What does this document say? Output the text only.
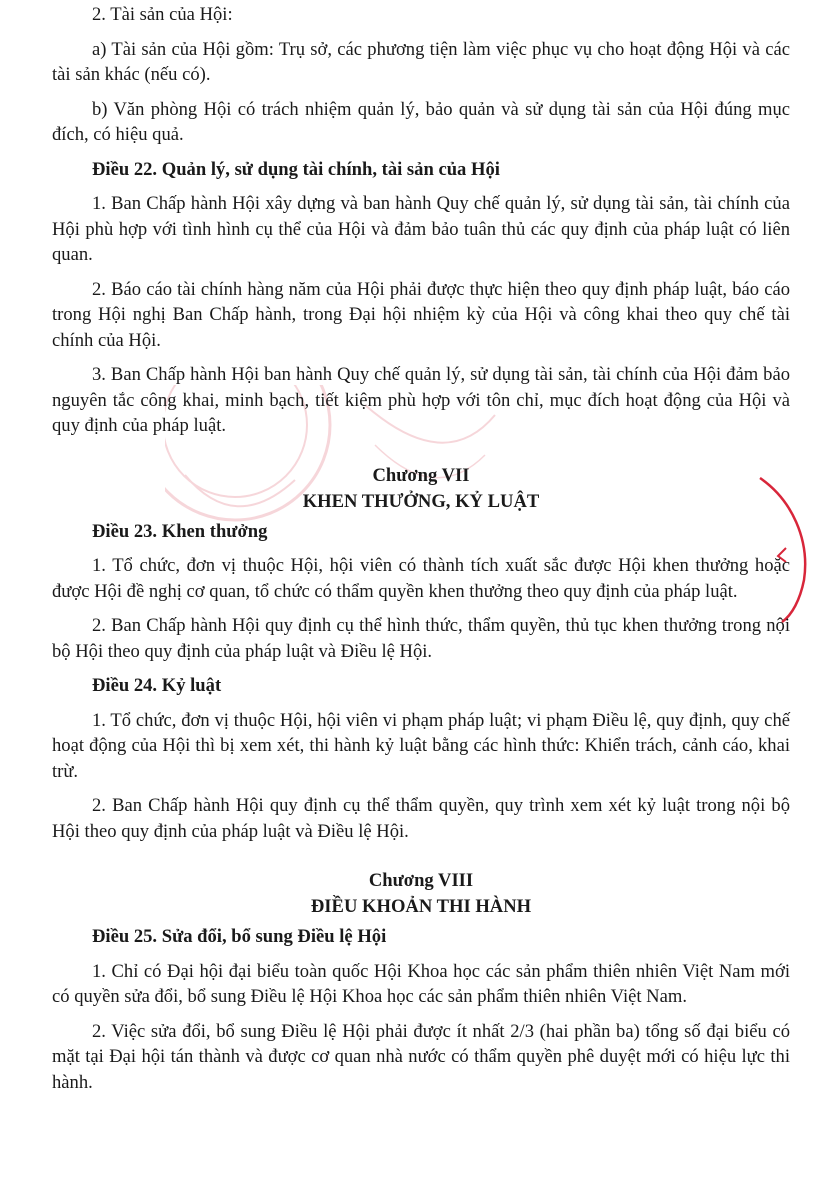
2. Tài sản của Hội:

a) Tài sản của Hội gồm: Trụ sở, các phương tiện làm việc phục vụ cho hoạt động Hội và các tài sản khác (nếu có).

b) Văn phòng Hội có trách nhiệm quản lý, bảo quản và sử dụng tài sản của Hội đúng mục đích, có hiệu quả.

Điều 22. Quản lý, sử dụng tài chính, tài sản của Hội

1. Ban Chấp hành Hội xây dựng và ban hành Quy chế quản lý, sử dụng tài sản, tài chính của Hội phù hợp với tình hình cụ thể của Hội và đảm bảo tuân thủ các quy định của pháp luật có liên quan.

2. Báo cáo tài chính hàng năm của Hội phải được thực hiện theo quy định pháp luật, báo cáo trong Hội nghị Ban Chấp hành, trong Đại hội nhiệm kỳ của Hội và công khai theo quy chế tài chính của Hội.

3. Ban Chấp hành Hội ban hành Quy chế quản lý, sử dụng tài sản, tài chính của Hội đảm bảo nguyên tắc công khai, minh bạch, tiết kiệm phù hợp với tôn chỉ, mục đích hoạt động của Hội và quy định của pháp luật.

Chương VII
KHEN THƯỞNG, KỶ LUẬT
Điều 23. Khen thưởng

1. Tổ chức, đơn vị thuộc Hội, hội viên có thành tích xuất sắc được Hội khen thưởng hoặc được Hội đề nghị cơ quan, tổ chức có thẩm quyền khen thưởng theo quy định của pháp luật.

2. Ban Chấp hành Hội quy định cụ thể hình thức, thẩm quyền, thủ tục khen thưởng trong nội bộ Hội theo quy định của pháp luật và Điều lệ Hội.

Điều 24. Kỷ luật

1. Tổ chức, đơn vị thuộc Hội, hội viên vi phạm pháp luật; vi phạm Điều lệ, quy định, quy chế hoạt động của Hội thì bị xem xét, thi hành kỷ luật bằng các hình thức: Khiển trách, cảnh cáo, khai trừ.

2. Ban Chấp hành Hội quy định cụ thể thẩm quyền, quy trình xem xét kỷ luật trong nội bộ Hội theo quy định của pháp luật và Điều lệ Hội.

Chương VIII
ĐIỀU KHOẢN THI HÀNH
Điều 25. Sửa đổi, bổ sung Điều lệ Hội

1. Chỉ có Đại hội đại biểu toàn quốc Hội Khoa học các sản phẩm thiên nhiên Việt Nam mới có quyền sửa đổi, bổ sung Điều lệ Hội Khoa học các sản phẩm thiên nhiên Việt Nam.

2. Việc sửa đổi, bổ sung Điều lệ Hội phải được ít nhất 2/3 (hai phần ba) tổng số đại biểu có mặt tại Đại hội tán thành và được cơ quan nhà nước có thẩm quyền phê duyệt mới có hiệu lực thi hành.
